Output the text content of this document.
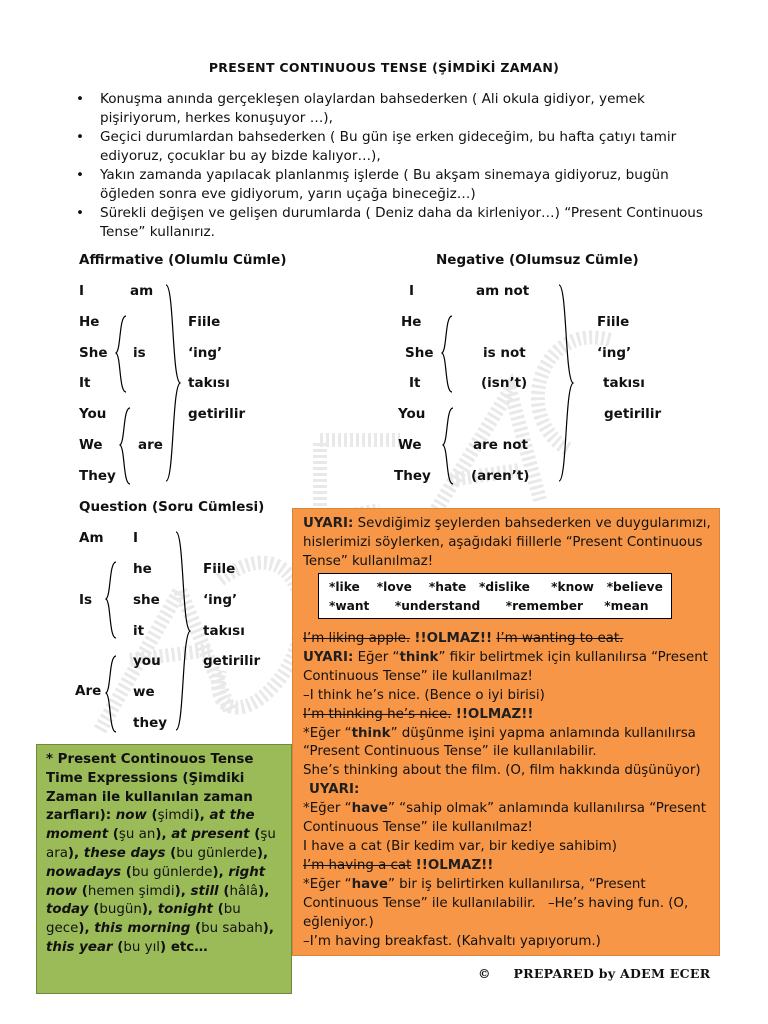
PRESENT CONTINUOUS TENSE (ŞİMDİKİ ZAMAN)
• Konuşma anında gerçekleşen olaylardan bahsederken ( Ali okula gidiyor, yemek pişiriyorum, herkes konuşuyor …),
• Geçici durumlardan bahsederken ( Bu gün işe erken gideceğim, bu hafta çatıyı tamir ediyoruz, çocuklar bu ay bizde kalıyor…),
• Yakın zamanda yapılacak planlanmış işlerde ( Bu akşam sinemaya gidiyoruz, bugün öğleden sonra eve gidiyorum, yarın uçağa bineceğiz…)
• Sürekli değişen ve gelişen durumlarda ( Deniz daha da kirleniyor…) “Present Continuous Tense” kullanırız.
Affirmative (Olumlu Cümle)
I
He
She
It
You
We
They
am
is
are
Fiile
‘ing’
takısı
getirilir
Negative (Olumsuz Cümle)
I
He
She
It
You
We
They
am not
is not
(isn’t)
are not
(aren’t)
Fiile
‘ing’
takısı
getirilir
Question (Soru Cümlesi)
Am
Is
Are
I
he
she
it
you
we
they
Fiile
‘ing’
takısı
getirilir
UYARI: Sevdiğimiz şeylerden bahsederken ve duygularımızı, hislerimizi söylerken, aşağıdaki fiillerle “Present Continuous Tense” kullanılmaz!
I’m liking apple. !!OLMAZ!! I’m wanting to eat.
UYARI: Eğer “think” fikir belirtmek için kullanılırsa “Present Continuous Tense” ile kullanılmaz!
–I think he’s nice. (Bence o iyi birisi)
I’m thinking he’s nice. !!OLMAZ!!
*Eğer “think” düşünme işini yapma anlamında kullanılırsa “Present Continuous Tense” ile kullanılabilir.
She’s thinking about the film. (O, film hakkında düşünüyor) UYARI:
*Eğer “have” “sahip olmak” anlamında kullanılırsa “Present Continuous Tense” ile kullanılmaz!
I have a cat (Bir kedim var, bir kediye sahibim)
I’m having a cat !!OLMAZ!!
*Eğer “have” bir iş belirtirken kullanılırsa, “Present Continuous Tense” ile kullanılabilir. –He’s having fun. (O, eğleniyor.)
–I’m having breakfast. (Kahvaltı yapıyorum.)
*like *love *hate *dislike *know *believe
*want *understand *remember *mean
* Present Continouos Tense Time Expressions (Şimdiki Zaman ile kullanılan zaman zarfları): now (şimdi), at the moment (şu an), at present (şu ara), these days (bu günlerde), nowadays (bu günlerde), right now (hemen şimdi), still (hâlâ), today (bugün), tonight (bu gece), this morning (bu sabah), this year (bu yıl) etc…
© PREPARED by ADEM ECER
